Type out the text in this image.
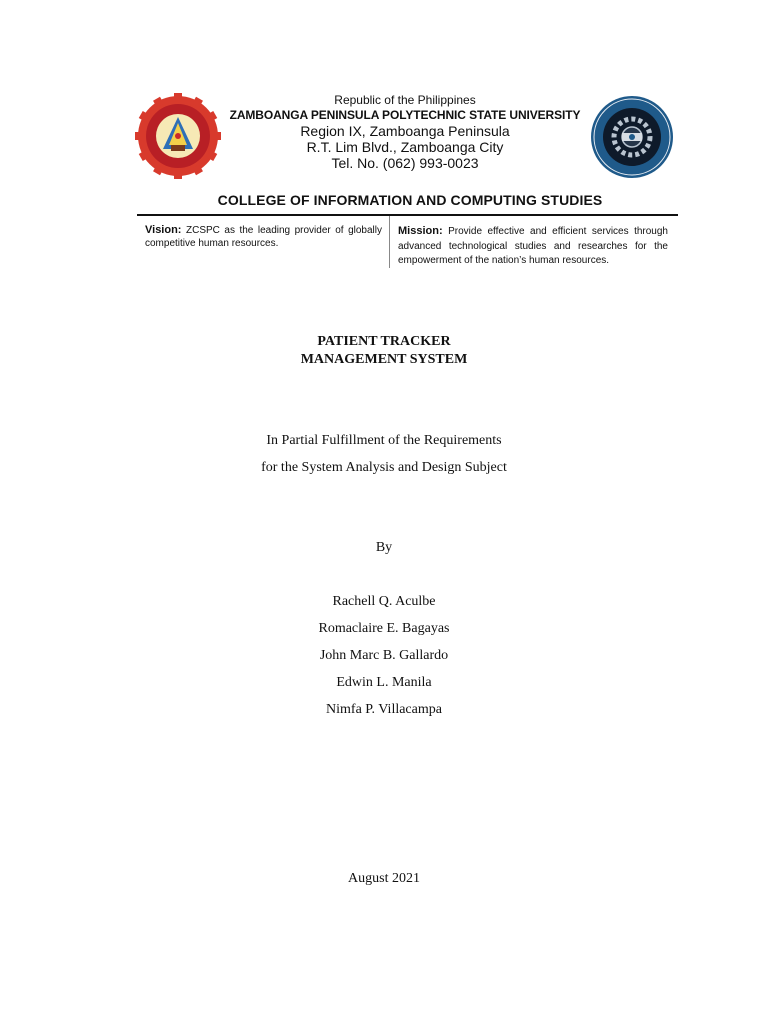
Republic of the Philippines
ZAMBOANGA PENINSULA POLYTECHNIC STATE UNIVERSITY
Region IX, Zamboanga Peninsula
R.T. Lim Blvd., Zamboanga City
Tel. No. (062) 993-0023
COLLEGE OF INFORMATION AND COMPUTING STUDIES
Vision: ZCSPC as the leading provider of globally competitive human resources.
Mission: Provide effective and efficient services through advanced technological studies and researches for the empowerment of the nation’s human resources.
PATIENT TRACKER
MANAGEMENT SYSTEM
In Partial Fulfillment of the Requirements
for the System Analysis and Design Subject
By
Rachell Q. Aculbe
Romaclaire E. Bagayas
John Marc B. Gallardo
Edwin L. Manila
Nimfa P. Villacampa
August 2021
